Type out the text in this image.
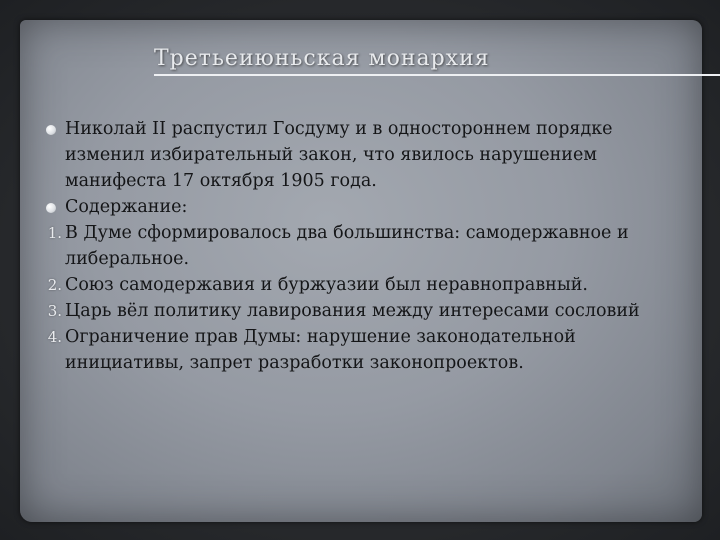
Третьеиюньская монархия
Николай II распустил Госдуму и в одностороннем порядке изменил избирательный закон, что явилось нарушением манифеста 17 октября 1905 года.
Содержание:
1. В Думе сформировалось два большинства: самодержавное и либеральное.
2. Союз самодержавия и буржуазии был неравноправный.
3. Царь вёл политику лавирования между интересами сословий
4. Ограничение прав Думы: нарушение законодательной инициативы, запрет разработки законопроектов.
